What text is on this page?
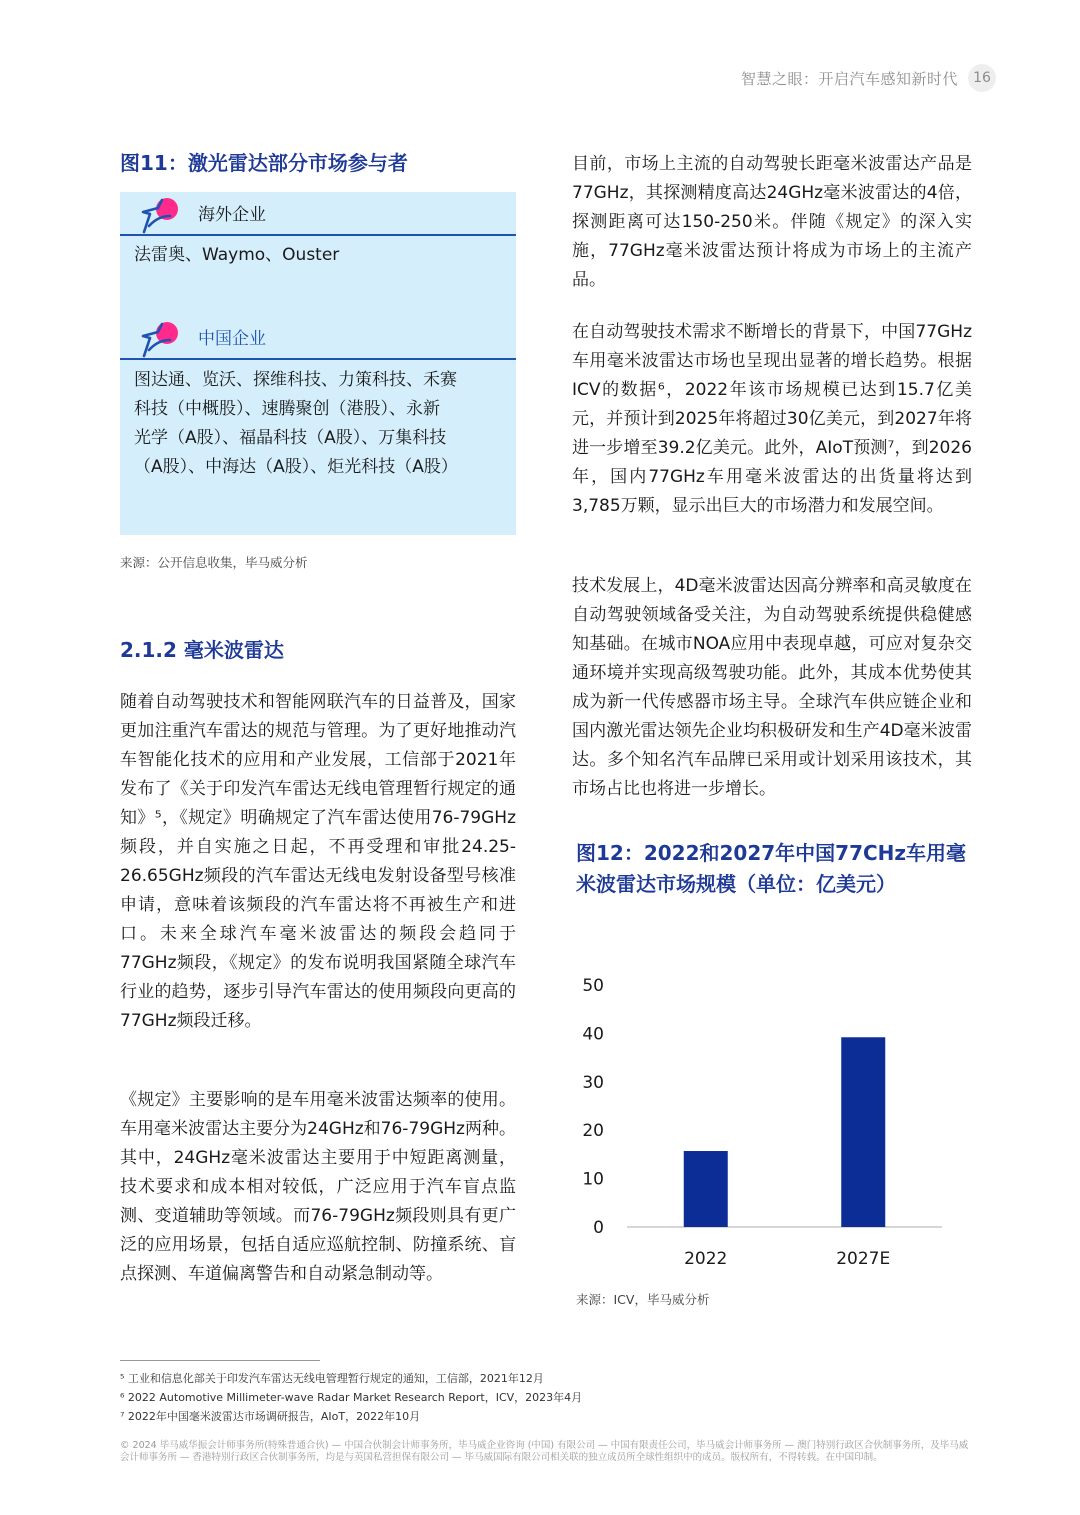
智慧之眼：开启汽车感知新时代	16
图11：激光雷达部分市场参与者
海外企业
法雷奥、Waymo、Ouster
中国企业
图达通、览沃、探维科技、力策科技、禾赛
科技（中概股）、速腾聚创（港股）、永新
光学（A股）、福晶科技（A股）、万集科技
（A股）、中海达（A股）、炬光科技（A股）
来源：公开信息收集，毕马威分析
2.1.2 毫米波雷达

随着自动驾驶技术和智能网联汽车的日益普及，国家更加注重汽车雷达的规范与管理。为了更好地推动汽车智能化技术的应用和产业发展，工信部于2021年发布了《关于印发汽车雷达无线电管理暂行规定的通知》⁵，《规定》明确规定了汽车雷达使用76-79GHz频段，并自实施之日起，不再受理和审批24.25-26.65GHz频段的汽车雷达无线电发射设备型号核准申请，意味着该频段的汽车雷达将不再被生产和进口。未来全球汽车毫米波雷达的频段会趋同于77GHz频段，《规定》的发布说明我国紧随全球汽车行业的趋势，逐步引导汽车雷达的使用频段向更高的77GHz频段迁移。

《规定》主要影响的是车用毫米波雷达频率的使用。车用毫米波雷达主要分为24GHz和76-79GHz两种。其中，24GHz毫米波雷达主要用于中短距离测量，技术要求和成本相对较低，广泛应用于汽车盲点监测、变道辅助等领域。而76-79GHz频段则具有更广泛的应用场景，包括自适应巡航控制、防撞系统、盲点探测、车道偏离警告和自动紧急制动等。

目前，市场上主流的自动驾驶长距毫米波雷达产品是77GHz，其探测精度高达24GHz毫米波雷达的4倍，探测距离可达150-250米。伴随《规定》的深入实施，77GHz毫米波雷达预计将成为市场上的主流产品。

在自动驾驶技术需求不断增长的背景下，中国77GHz车用毫米波雷达市场也呈现出显著的增长趋势。根据ICV的数据⁶，2022年该市场规模已达到15.7亿美元，并预计到2025年将超过30亿美元，到2027年将进一步增至39.2亿美元。此外，AIoT预测⁷，到2026年，国内77GHz车用毫米波雷达的出货量将达到3,785万颗，显示出巨大的市场潜力和发展空间。

技术发展上，4D毫米波雷达因高分辨率和高灵敏度在自动驾驶领域备受关注，为自动驾驶系统提供稳健感知基础。在城市NOA应用中表现卓越，可应对复杂交通环境并实现高级驾驶功能。此外，其成本优势使其成为新一代传感器市场主导。全球汽车供应链企业和国内激光雷达领先企业均积极研发和生产4D毫米波雷达。多个知名汽车品牌已采用或计划采用该技术，其市场占比也将进一步增长。

图12：2022和2027年中国77CHz车用毫
米波雷达市场规模（单位：亿美元）
0
10
20
30
40
50
2022	2027E
来源：ICV，毕马威分析
⁵ 工业和信息化部关于印发汽车雷达无线电管理暂行规定的通知，工信部，2021年12月
⁶ 2022 Automotive Millimeter-wave Radar Market Research Report，ICV，2023年4月
⁷ 2022年中国毫米波雷达市场调研报告，AIoT，2022年10月

© 2024 毕马威华振会计师事务所(特殊普通合伙) — 中国合伙制会计师事务所，毕马威企业咨询 (中国) 有限公司 — 中国有限责任公司，毕马威会计师事务所 — 澳门特别行政区合伙制事务所，及毕马威会计师事务所 — 香港特别行政区合伙制事务所，均是与英国私营担保有限公司 — 毕马威国际有限公司相关联的独立成员所全球性组织中的成员。版权所有，不得转载。在中国印制。
